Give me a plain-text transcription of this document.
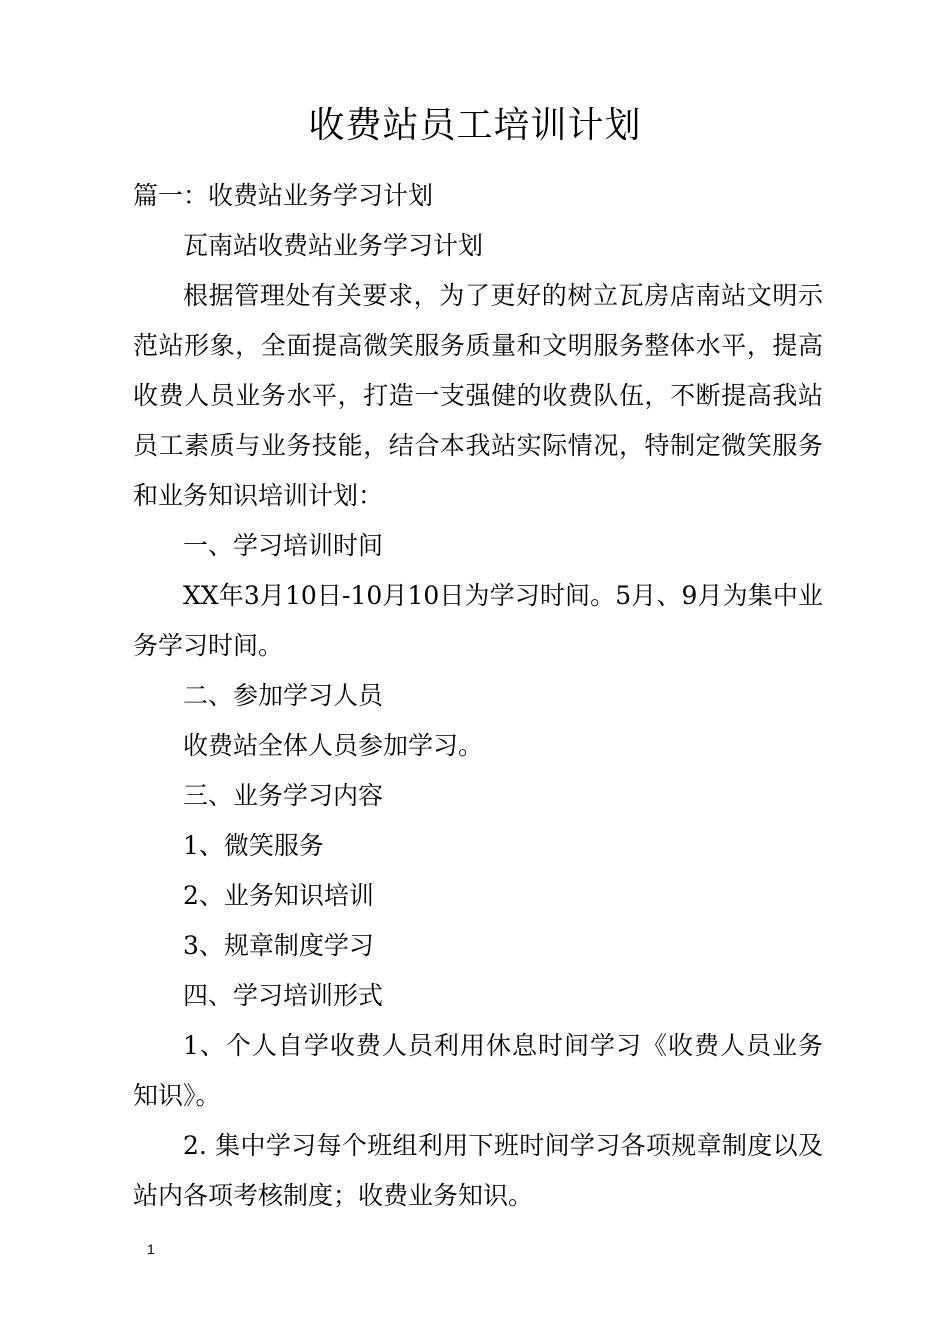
收费站员工培训计划

篇一：收费站业务学习计划

瓦南站收费站业务学习计划

根据管理处有关要求，为了更好的树立瓦房店南站文明示范站形象，全面提高微笑服务质量和文明服务整体水平，提高收费人员业务水平，打造一支强健的收费队伍，不断提高我站员工素质与业务技能，结合本我站实际情况，特制定微笑服务和业务知识培训计划：

一、学习培训时间

XX年3月10日-10月10日为学习时间。5月、9月为集中业务学习时间。

二、参加学习人员

收费站全体人员参加学习。

三、业务学习内容

1、微笑服务

2、业务知识培训

3、规章制度学习

四、学习培训形式

1、个人自学收费人员利用休息时间学习《收费人员业务知识》。

2. 集中学习每个班组利用下班时间学习各项规章制度以及站内各项考核制度；收费业务知识。

1
